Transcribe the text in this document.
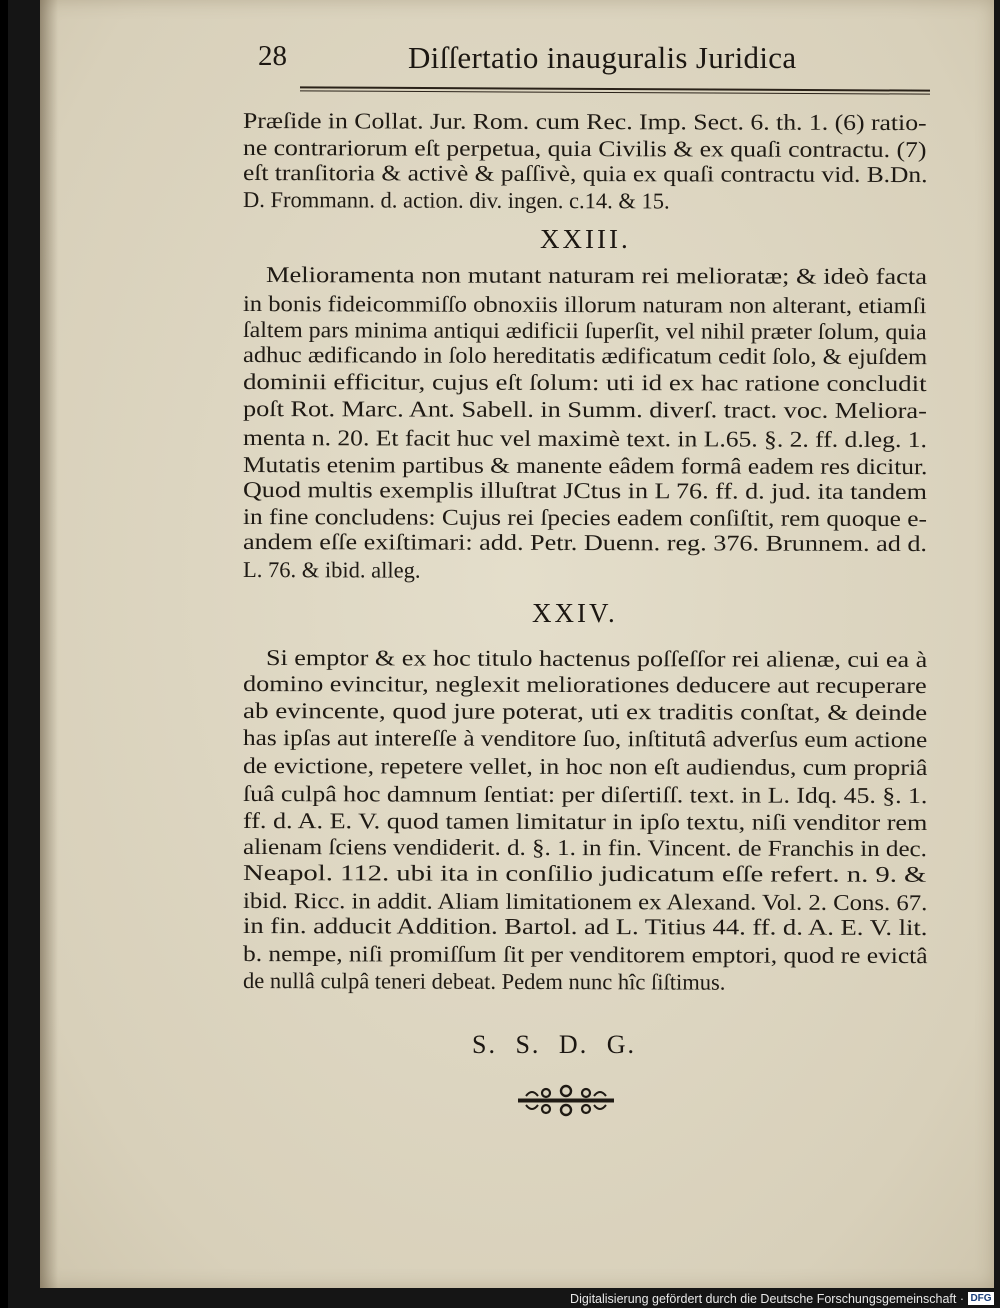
28	Diſſertatio inauguralis Juridica
Præſide in Collat. Jur. Rom. cum Rec. Imp. Sect. 6. th. 1. (6) ratio-
ne contrariorum eſt perpetua, quia Civilis & ex quaſi contractu. (7)
eſt tranſitoria & activè & paſſivè, quia ex quaſi contractu vid. B.Dn.
D. Frommann. d. action. div. ingen. c.14. & 15.
XXIII.
Melioramenta non mutant naturam rei melioratæ; & ideò facta
in bonis fideicommiſſo obnoxiis illorum naturam non alterant, etiamſi
ſaltem pars minima antiqui ædificii ſuperſit, vel nihil præter ſolum, quia
adhuc ædificando in ſolo hereditatis ædificatum cedit ſolo, & ejuſdem
dominii efficitur, cujus eſt ſolum: uti id ex hac ratione concludit
poſt Rot. Marc. Ant. Sabell. in Summ. diverſ. tract. voc. Meliora-
menta n. 20. Et facit huc vel maximè text. in L.65. §. 2. ff. d.leg. 1.
Mutatis etenim partibus & manente eâdem formâ eadem res dicitur.
Quod multis exemplis illuſtrat JCtus in L 76. ff. d. jud. ita tandem
in fine concludens: Cujus rei ſpecies eadem conſiſtit, rem quoque e-
andem eſſe exiſtimari: add. Petr. Duenn. reg. 376. Brunnem. ad d.
L. 76. & ibid. alleg.
XXIV.
Si emptor & ex hoc titulo hactenus poſſeſſor rei alienæ, cui ea à
domino evincitur, neglexit meliorationes deducere aut recuperare
ab evincente, quod jure poterat, uti ex traditis conſtat, & deinde
has ipſas aut intereſſe à venditore ſuo, inſtitutâ adverſus eum actione
de evictione, repetere vellet, in hoc non eſt audiendus, cum propriâ
ſuâ culpâ hoc damnum ſentiat: per diſertiſſ. text. in L. Idq. 45. §. 1.
ff. d. A. E. V. quod tamen limitatur in ipſo textu, niſi venditor rem
alienam ſciens vendiderit. d. §. 1. in fin. Vincent. de Franchis in dec.
Neapol. 112. ubi ita in conſilio judicatum eſſe refert. n. 9. &
ibid. Ricc. in addit. Aliam limitationem ex Alexand. Vol. 2. Cons. 67.
in fin. adducit Addition. Bartol. ad L. Titius 44. ff. d. A. E. V. lit.
b. nempe, niſi promiſſum ſit per venditorem emptori, quod re evictâ
de nullâ culpâ teneri debeat. Pedem nunc hîc ſiſtimus.
S. S. D. G.
Digitalisierung gefördert durch die Deutsche Forschungsgemeinschaft · DFG
